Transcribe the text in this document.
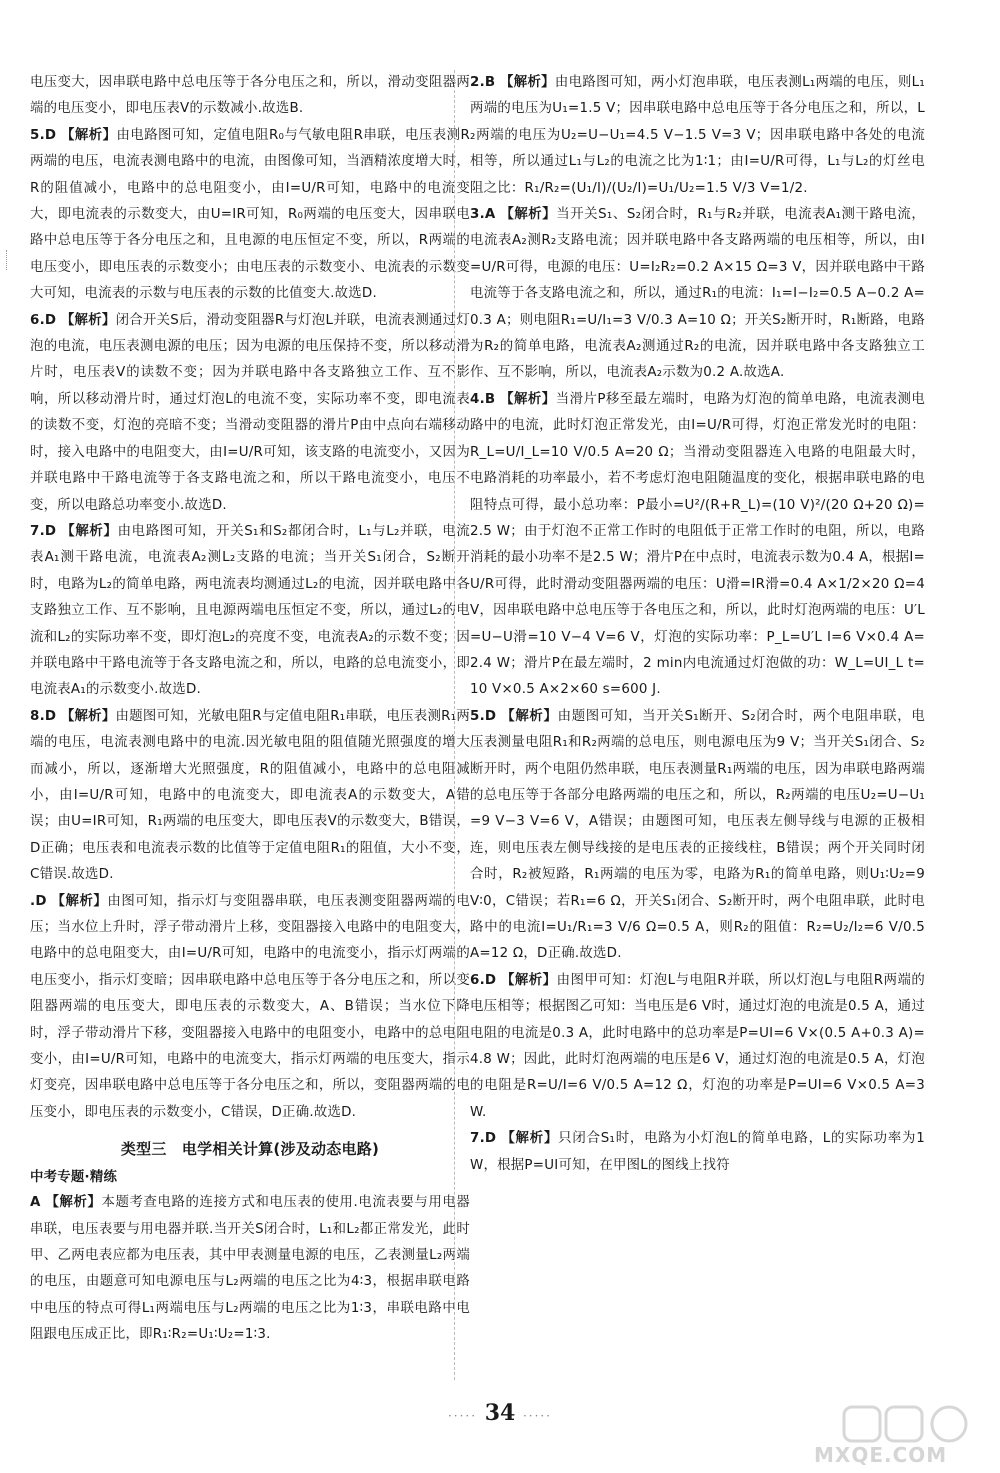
电压变大，因串联电路中总电压等于各分电压之和，所以，滑动变阻器两端的电压变小，即电压表V的示数减小.故选B.

5.D 【解析】由电路图可知，定值电阻R₀与气敏电阻R串联，电压表测R两端的电压，电流表测电路中的电流，由图像可知，当酒精浓度增大时，R的阻值减小，电路中的总电阻变小，由I=U/R可知，电路中的电流变大，即电流表的示数变大，由U=IR可知，R₀两端的电压变大，因串联电路中总电压等于各分电压之和，且电源的电压恒定不变，所以，R两端的电压变小，即电压表的示数变小；由电压表的示数变小、电流表的示数变大可知，电流表的示数与电压表的示数的比值变大.故选D.

6.D 【解析】闭合开关S后，滑动变阻器R与灯泡L并联，电流表测通过灯泡的电流，电压表测电源的电压；因为电源的电压保持不变，所以移动滑片时，电压表V的读数不变；因为并联电路中各支路独立工作、互不影响，所以移动滑片时，通过灯泡L的电流不变，实际功率不变，即电流表的读数不变，灯泡的亮暗不变；当滑动变阻器的滑片P由中点向右端移动时，接入电路中的电阻变大，由I=U/R可知，该支路的电流变小，又因为并联电路中干路电流等于各支路电流之和，所以干路电流变小，电压不变，所以电路总功率变小.故选D.

7.D 【解析】由电路图可知，开关S₁和S₂都闭合时，L₁与L₂并联，电流表A₁测干路电流，电流表A₂测L₂支路的电流；当开关S₁闭合，S₂断开时，电路为L₂的简单电路，两电流表均测通过L₂的电流，因并联电路中各支路独立工作、互不影响，且电源两端电压恒定不变，所以，通过L₂的电流和L₂的实际功率不变，即灯泡L₂的亮度不变，电流表A₂的示数不变；因并联电路中干路电流等于各支路电流之和，所以，电路的总电流变小，即电流表A₁的示数变小.故选D.

8.D 【解析】由题图可知，光敏电阻R与定值电阻R₁串联，电压表测R₁两端的电压，电流表测电路中的电流.因光敏电阻的阻值随光照强度的增大而减小，所以，逐渐增大光照强度，R的阻值减小，电路中的总电阻减小，由I=U/R可知，电路中的电流变大，即电流表A的示数变大，A错误；由U=IR可知，R₁两端的电压变大，即电压表V的示数变大，B错误，D正确；电压表和电流表示数的比值等于定值电阻R₁的阻值，大小不变，C错误.故选D.

.D 【解析】由图可知，指示灯与变阻器串联，电压表测变阻器两端的电压；当水位上升时，浮子带动滑片上移，变阻器接入电路中的电阻变大，电路中的总电阻变大，由I=U/R可知，电路中的电流变小，指示灯两端的电压变小，指示灯变暗；因串联电路中总电压等于各分电压之和，所以变阻器两端的电压变大，即电压表的示数变大，A、B错误；当水位下降时，浮子带动滑片下移，变阻器接入电路中的电阻变小，电路中的总电阻变小，由I=U/R可知，电路中的电流变大，指示灯两端的电压变大，指示灯变亮，因串联电路中总电压等于各分电压之和，所以，变阻器两端的电压变小，即电压表的示数变小，C错误，D正确.故选D.

类型三　电学相关计算(涉及动态电路)
中考专题·精练

A 【解析】本题考查电路的连接方式和电压表的使用.电流表要与用电器串联，电压表要与用电器并联.当开关S闭合时，L₁和L₂都正常发光，此时甲、乙两电表应都为电压表，其中甲表测量电源的电压，乙表测量L₂两端的电压，由题意可知电源电压与L₂两端的电压之比为4∶3，根据串联电路中电压的特点可得L₁两端电压与L₂两端的电压之比为1∶3，串联电路中电阻跟电压成正比，即R₁∶R₂=U₁∶U₂=1∶3.

2.B 【解析】由电路图可知，两小灯泡串联，电压表测L₁两端的电压，则L₁两端的电压为U₁=1.5 V；因串联电路中总电压等于各分电压之和，所以，L₂两端的电压为U₂=U−U₁=4.5 V−1.5 V=3 V；因串联电路中各处的电流相等，所以通过L₁与L₂的电流之比为1∶1；由I=U/R可得，L₁与L₂的灯丝电阻之比：R₁/R₂=(U₁/I)/(U₂/I)=U₁/U₂=1.5 V/3 V=1/2.

3.A 【解析】当开关S₁、S₂闭合时，R₁与R₂并联，电流表A₁测干路电流，电流表A₂测R₂支路电流；因并联电路中各支路两端的电压相等，所以，由I=U/R可得，电源的电压：U=I₂R₂=0.2 A×15 Ω=3 V，因并联电路中干路电流等于各支路电流之和，所以，通过R₁的电流：I₁=I−I₂=0.5 A−0.2 A=0.3 A；则电阻R₁=U/I₁=3 V/0.3 A=10 Ω；开关S₂断开时，R₁断路，电路为R₂的简单电路，电流表A₂测通过R₂的电流，因并联电路中各支路独立工作、互不影响，所以，电流表A₂示数为0.2 A.故选A.

4.B 【解析】当滑片P移至最左端时，电路为灯泡的简单电路，电流表测电路中的电流，此时灯泡正常发光，由I=U/R可得，灯泡正常发光时的电阻：R_L=U/I_L=10 V/0.5 A=20 Ω；当滑动变阻器连入电路的电阻最大时，电路消耗的功率最小，若不考虑灯泡电阻随温度的变化，根据串联电路的电阻特点可得，最小总功率：P最小=U²/(R+R_L)=(10 V)²/(20 Ω+20 Ω)=2.5 W；由于灯泡不正常工作时的电阻低于正常工作时的电阻，所以，电路消耗的最小功率不是2.5 W；滑片P在中点时，电流表示数为0.4 A，根据I=U/R可得，此时滑动变阻器两端的电压：U滑=IR滑=0.4 A×1/2×20 Ω=4 V，因串联电路中总电压等于各电压之和，所以，此时灯泡两端的电压：U′L=U−U滑=10 V−4 V=6 V，灯泡的实际功率：P_L=U′L I=6 V×0.4 A=2.4 W；滑片P在最左端时，2 min内电流通过灯泡做的功：W_L=UI_L t=10 V×0.5 A×2×60 s=600 J.

5.D 【解析】由题图可知，当开关S₁断开、S₂闭合时，两个电阻串联，电压表测量电阻R₁和R₂两端的总电压，则电源电压为9 V；当开关S₁闭合、S₂断开时，两个电阻仍然串联，电压表测量R₁两端的电压，因为串联电路两端的总电压等于各部分电路两端的电压之和，所以，R₂两端的电压U₂=U−U₁=9 V−3 V=6 V，A错误；由题图可知，电压表左侧导线与电源的正极相连，则电压表左侧导线接的是电压表的正接线柱，B错误；两个开关同时闭合时，R₂被短路，R₁两端的电压为零，电路为R₁的简单电路，则U₁∶U₂=9 V∶0，C错误；若R₁=6 Ω，开关S₁闭合、S₂断开时，两个电阻串联，此时电路中的电流I=U₁/R₁=3 V/6 Ω=0.5 A，则R₂的阻值：R₂=U₂/I₂=6 V/0.5 A=12 Ω，D正确.故选D.

6.D 【解析】由图甲可知：灯泡L与电阻R并联，所以灯泡L与电阻R两端的电压相等；根据图乙可知：当电压是6 V时，通过灯泡的电流是0.5 A，通过电阻的电流是0.3 A，此时电路中的总功率是P=UI=6 V×(0.5 A+0.3 A)=4.8 W；因此，此时灯泡两端的电压是6 V，通过灯泡的电流是0.5 A，灯泡的电阻是R=U/I=6 V/0.5 A=12 Ω，灯泡的功率是P=UI=6 V×0.5 A=3 W.

7.D 【解析】只闭合S₁时，电路为小灯泡L的简单电路，L的实际功率为1 W，根据P=UI可知，在甲图L的图线上找符

····· 34 ·····
MXQE.COM
